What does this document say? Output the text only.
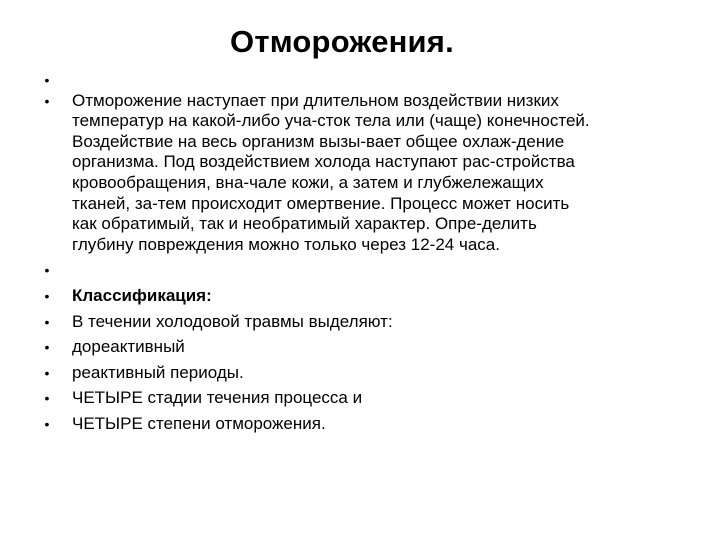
Отморожения.
•
• Отморожение наступает при длительном воздействии низких
температур на какой-либо уча-сток тела или (чаще) конечностей.
Воздействие на весь организм вызы-вает общее охлаж-дение
организма. Под воздействием холода наступают рас-стройства
кровообращения, вна-чале кожи, а затем и глубжележащих
тканей, за-тем происходит омертвение. Процесс может носить
как обратимый, так и необратимый характер. Опре-делить
глубину повреждения можно только через 12-24 часа.
•
• Классификация:
• В течении холодовой травмы выделяют:
• дореактивный
• реактивный периоды.
• ЧЕТЫРЕ стадии течения процесса и
• ЧЕТЫРЕ степени отморожения.
